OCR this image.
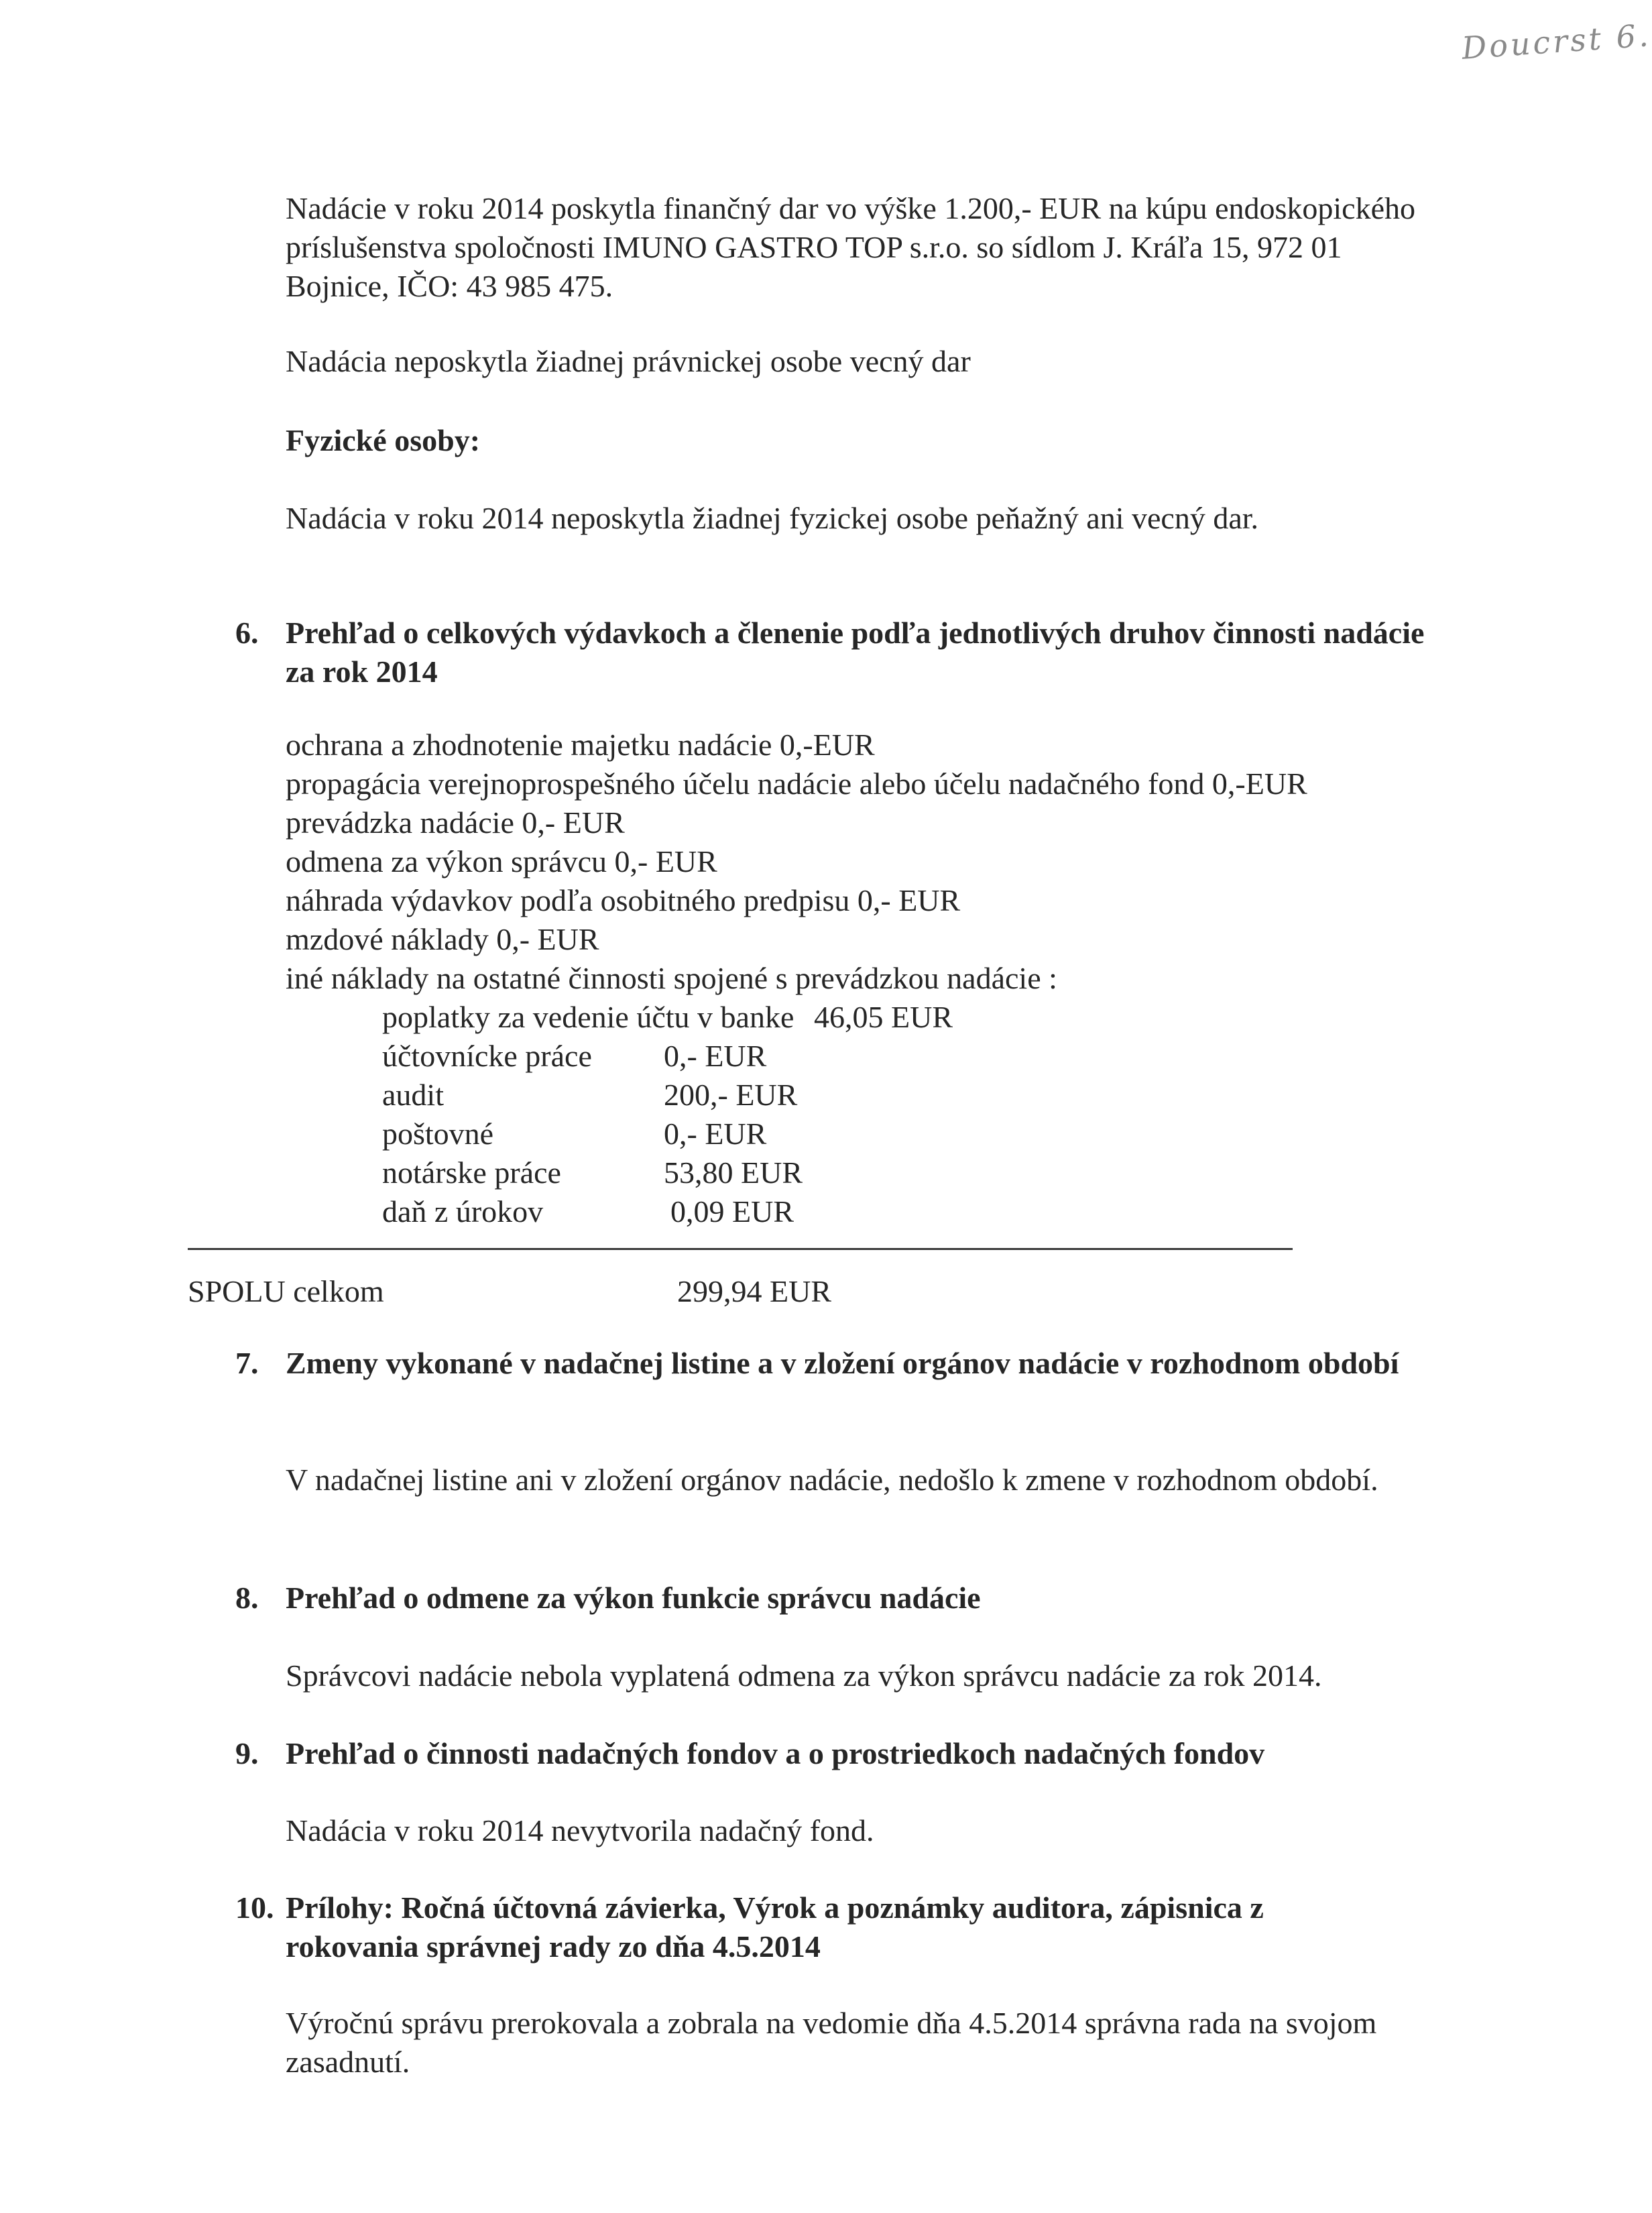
Doucrst 6.

Nadácie v roku 2014 poskytla finančný dar vo výške 1.200,- EUR na kúpu endoskopického príslušenstva spoločnosti IMUNO GASTRO TOP s.r.o. so sídlom J. Kráľa 15, 972 01 Bojnice, IČO: 43 985 475.

Nadácia neposkytla žiadnej právnickej osobe vecný dar

Fyzické osoby:

Nadácia v roku 2014 neposkytla žiadnej fyzickej osobe peňažný ani vecný dar.

6. Prehľad o celkových výdavkoch a členenie podľa jednotlivých druhov činnosti nadácie za rok 2014
ochrana a zhodnotenie majetku nadácie 0,-EUR
propagácia verejnoprospešného účelu nadácie alebo účelu nadačného fond 0,-EUR
prevádzka nadácie 0,- EUR
odmena za výkon správcu 0,- EUR
náhrada výdavkov podľa osobitného predpisu 0,- EUR
mzdové náklady 0,- EUR
iné náklady na ostatné činnosti spojené s prevádzkou nadácie :
poplatky za vedenie účtu v banke 46,05 EUR
účtovnícke práce 0,- EUR
audit	200,- EUR
poštovné	0,- EUR
notárske práce	53,80 EUR
daň z úrokov	0,09 EUR
SPOLU celkom	299,94 EUR
7. Zmeny vykonané v nadačnej listine a v zložení orgánov nadácie v rozhodnom období

V nadačnej listine ani v zložení orgánov nadácie, nedošlo k zmene v rozhodnom období.

8. Prehľad o odmene za výkon funkcie správcu nadácie

Správcovi nadácie nebola vyplatená odmena za výkon správcu nadácie za rok 2014.

9. Prehľad o činnosti nadačných fondov a o prostriedkoch nadačných fondov

Nadácia v roku 2014 nevytvorila nadačný fond.

10. Prílohy: Ročná účtovná závierka, Výrok a poznámky auditora, zápisnica z rokovania správnej rady zo dňa 4.5.2014

Výročnú správu prerokovala a zobrala na vedomie dňa 4.5.2014 správna rada na svojom zasadnutí.
